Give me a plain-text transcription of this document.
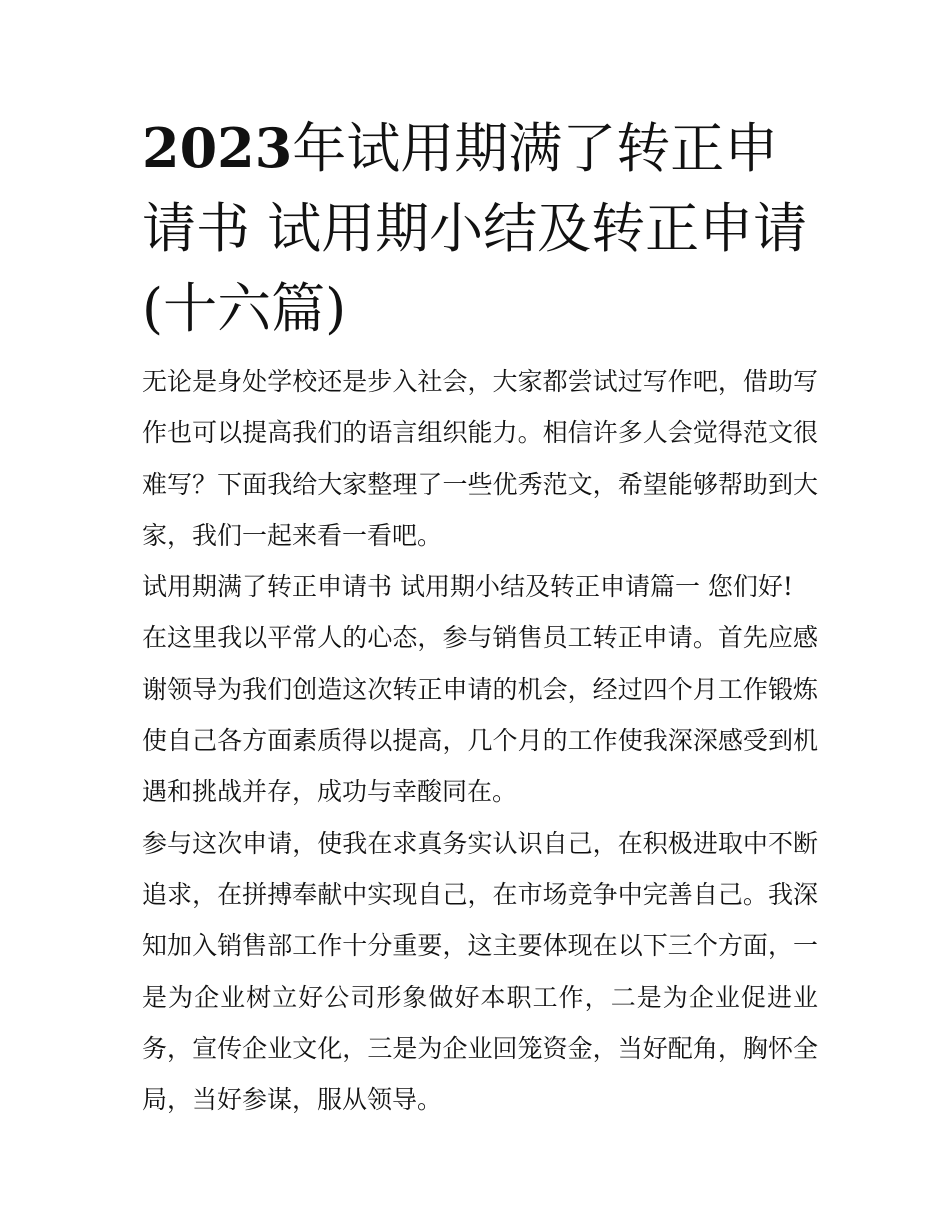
2023年试用期满了转正申请书 试用期小结及转正申请(十六篇)

无论是身处学校还是步入社会，大家都尝试过写作吧，借助写作也可以提高我们的语言组织能力。相信许多人会觉得范文很难写？下面我给大家整理了一些优秀范文，希望能够帮助到大家，我们一起来看一看吧。

试用期满了转正申请书 试用期小结及转正申请篇一 您们好!

在这里我以平常人的心态，参与销售员工转正申请。首先应感谢领导为我们创造这次转正申请的机会，经过四个月工作锻炼使自己各方面素质得以提高，几个月的工作使我深深感受到机遇和挑战并存，成功与幸酸同在。

参与这次申请，使我在求真务实认识自己，在积极进取中不断追求，在拼搏奉献中实现自己，在市场竞争中完善自己。我深知加入销售部工作十分重要，这主要体现在以下三个方面，一是为企业树立好公司形象做好本职工作，二是为企业促进业务，宣传企业文化，三是为企业回笼资金，当好配角，胸怀全局，当好参谋，服从领导。
